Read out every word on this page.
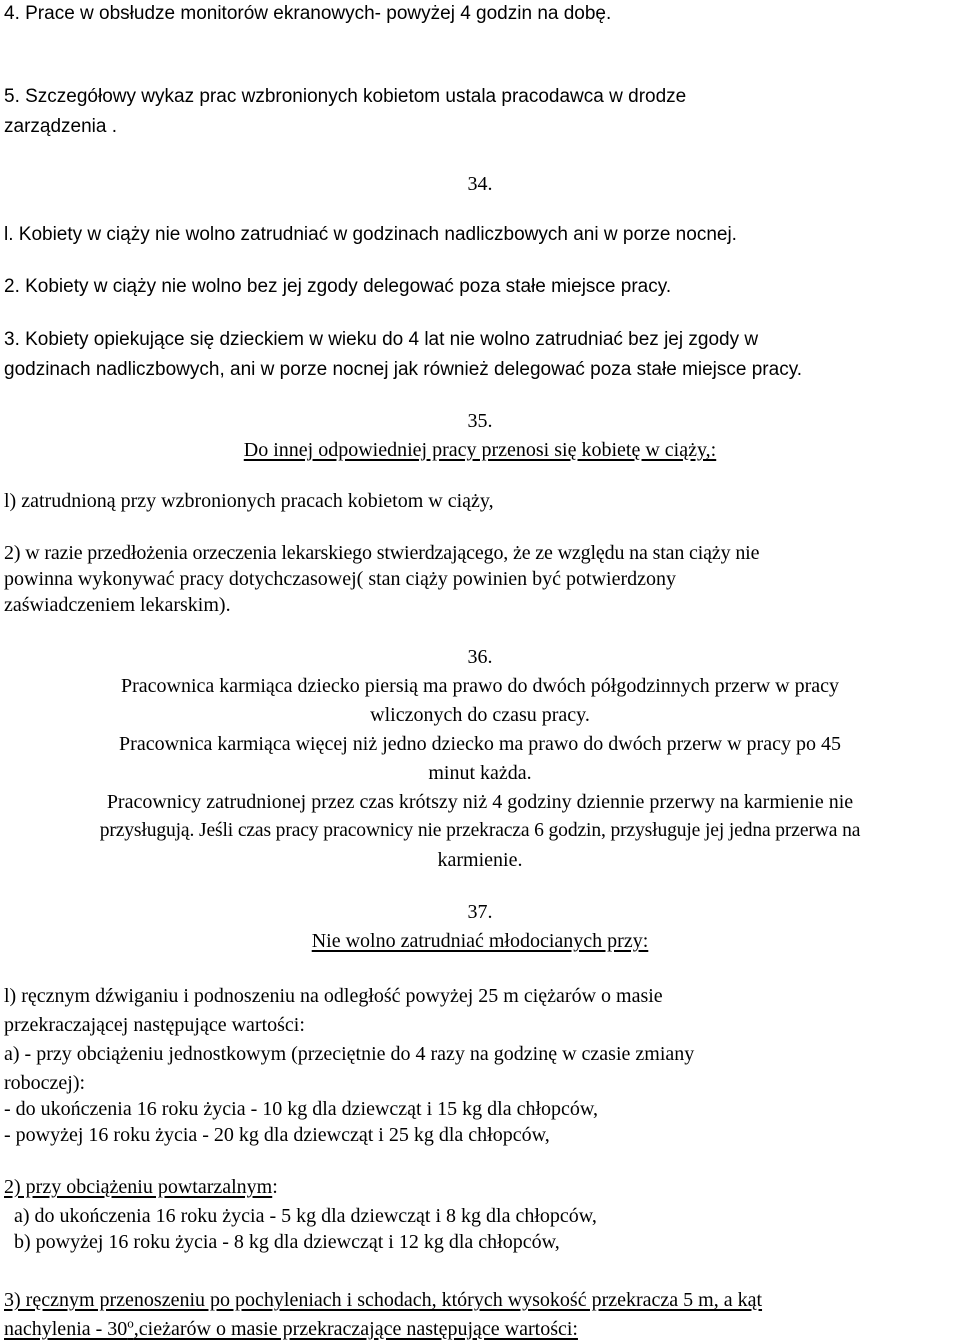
4. Prace w obsłudze monitorów ekranowych- powyżej 4 godzin na dobę.

5. Szczegółowy wykaz prac wzbronionych kobietom ustala pracodawca w drodze

zarządzenia .

34.

l. Kobiety w ciąży nie wolno zatrudniać w godzinach nadliczbowych ani w porze nocnej.

2. Kobiety w ciąży nie wolno bez jej zgody delegować poza stałe miejsce pracy.

3. Kobiety opiekujące się dzieckiem w wieku do 4 lat nie wolno zatrudniać bez jej zgody w

godzinach nadliczbowych, ani w porze nocnej jak również delegować poza stałe miejsce pracy.

35.

Do innej odpowiedniej pracy przenosi się kobietę w ciąży,:

l) zatrudnioną przy wzbronionych pracach kobietom w ciąży,

2) w razie przedłożenia orzeczenia lekarskiego stwierdzającego, że ze względu na stan ciąży nie

powinna wykonywać pracy dotychczasowej( stan ciąży powinien być potwierdzony

zaświadczeniem lekarskim).

36.

Pracownica karmiąca dziecko piersią ma prawo do dwóch półgodzinnych przerw w pracy

wliczonych do czasu pracy.

Pracownica karmiąca więcej niż jedno dziecko ma prawo do dwóch przerw w pracy po 45

minut każda.

Pracownicy zatrudnionej przez czas krótszy niż 4 godziny dziennie przerwy na karmienie nie

przysługują. Jeśli czas pracy pracownicy nie przekracza 6 godzin, przysługuje jej jedna przerwa na

karmienie.

37.

Nie wolno zatrudniać młodocianych przy:

l) ręcznym dźwiganiu i podnoszeniu na odległość powyżej 25 m ciężarów o masie

przekraczającej następujące wartości:

a) - przy obciążeniu jednostkowym (przeciętnie do 4 razy na godzinę w czasie zmiany

roboczej):

- do ukończenia 16 roku życia - 10 kg dla dziewcząt i 15 kg dla chłopców,

- powyżej 16 roku życia - 20 kg dla dziewcząt i 25 kg dla chłopców,

2) przy obciążeniu powtarzalnym:

a) do ukończenia 16 roku życia - 5 kg dla dziewcząt i 8 kg dla chłopców,

b) powyżej 16 roku życia - 8 kg dla dziewcząt i 12 kg dla chłopców,

3) ręcznym przenoszeniu po pochyleniach i schodach, których wysokość przekracza 5 m, a kąt

nachylenia - 30$^o$,cieżarów o masie przekraczające następujące wartości:
